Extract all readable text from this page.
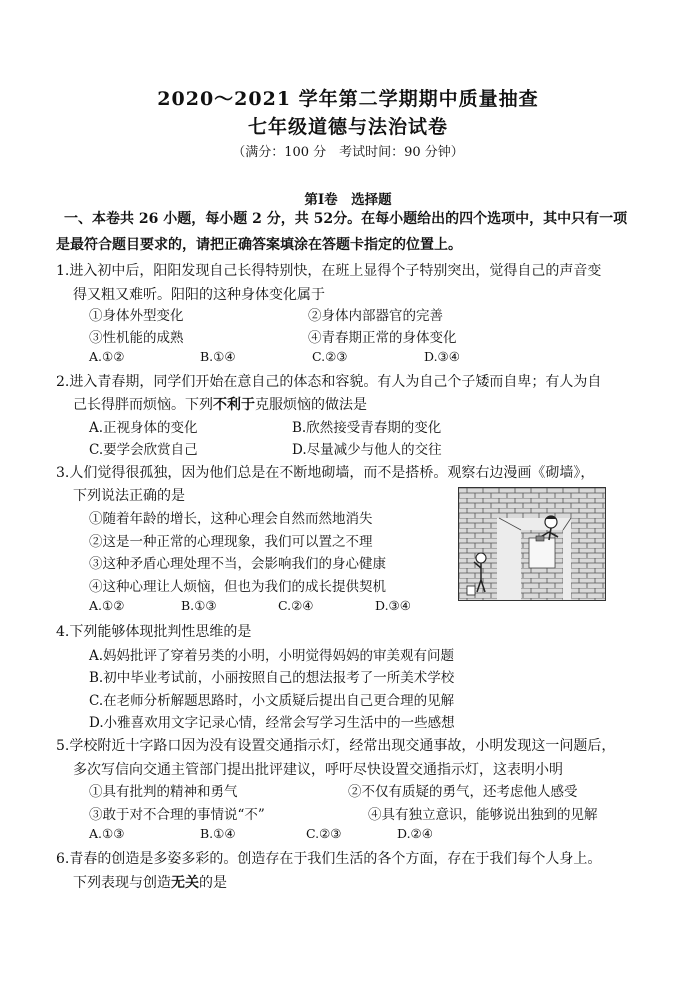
2020～2021 学年第二学期期中质量抽查
七年级道德与法治试卷
（满分：100 分　考试时间：90 分钟）
第Ⅰ卷　选择题
一、本卷共 26 小题，每小题 2 分，共 52分。在每小题给出的四个选项中，其中只有一项
是最符合题目要求的，请把正确答案填涂在答题卡指定的位置上。
1.进入初中后，阳阳发现自己长得特别快，在班上显得个子特别突出，觉得自己的声音变
得又粗又难听。阳阳的这种身体变化属于
①身体外型变化	②身体内部器官的完善
③性机能的成熟	④青春期正常的身体变化
A.①②	B.①④	C.②③	D.③④
2.进入青春期，同学们开始在意自己的体态和容貌。有人为自己个子矮而自卑；有人为自
己长得胖而烦恼。下列不利于克服烦恼的做法是
A.正视身体的变化	B.欣然接受青春期的变化
C.要学会欣赏自己	D.尽量减少与他人的交往
3.人们觉得很孤独，因为他们总是在不断地砌墙，而不是搭桥。观察右边漫画《砌墙》，
下列说法正确的是
①随着年龄的增长，这种心理会自然而然地消失
②这是一种正常的心理现象，我们可以置之不理
③这种矛盾心理处理不当，会影响我们的身心健康
④这种心理让人烦恼，但也为我们的成长提供契机
A.①②	B.①③	C.②④	D.③④
4.下列能够体现批判性思维的是
A.妈妈批评了穿着另类的小明，小明觉得妈妈的审美观有问题
B.初中毕业考试前，小丽按照自己的想法报考了一所美术学校
C.在老师分析解题思路时，小文质疑后提出自己更合理的见解
D.小雅喜欢用文字记录心情，经常会写学习生活中的一些感想
5.学校附近十字路口因为没有设置交通指示灯，经常出现交通事故，小明发现这一问题后，
多次写信向交通主管部门提出批评建议，呼吁尽快设置交通指示灯，这表明小明
①具有批判的精神和勇气	②不仅有质疑的勇气，还考虑他人感受
③敢于对不合理的事情说“不”	④具有独立意识，能够说出独到的见解
A.①③	B.①④	C.②③	D.②④
6.青春的创造是多姿多彩的。创造存在于我们生活的各个方面，存在于我们每个人身上。
下列表现与创造无关的是
